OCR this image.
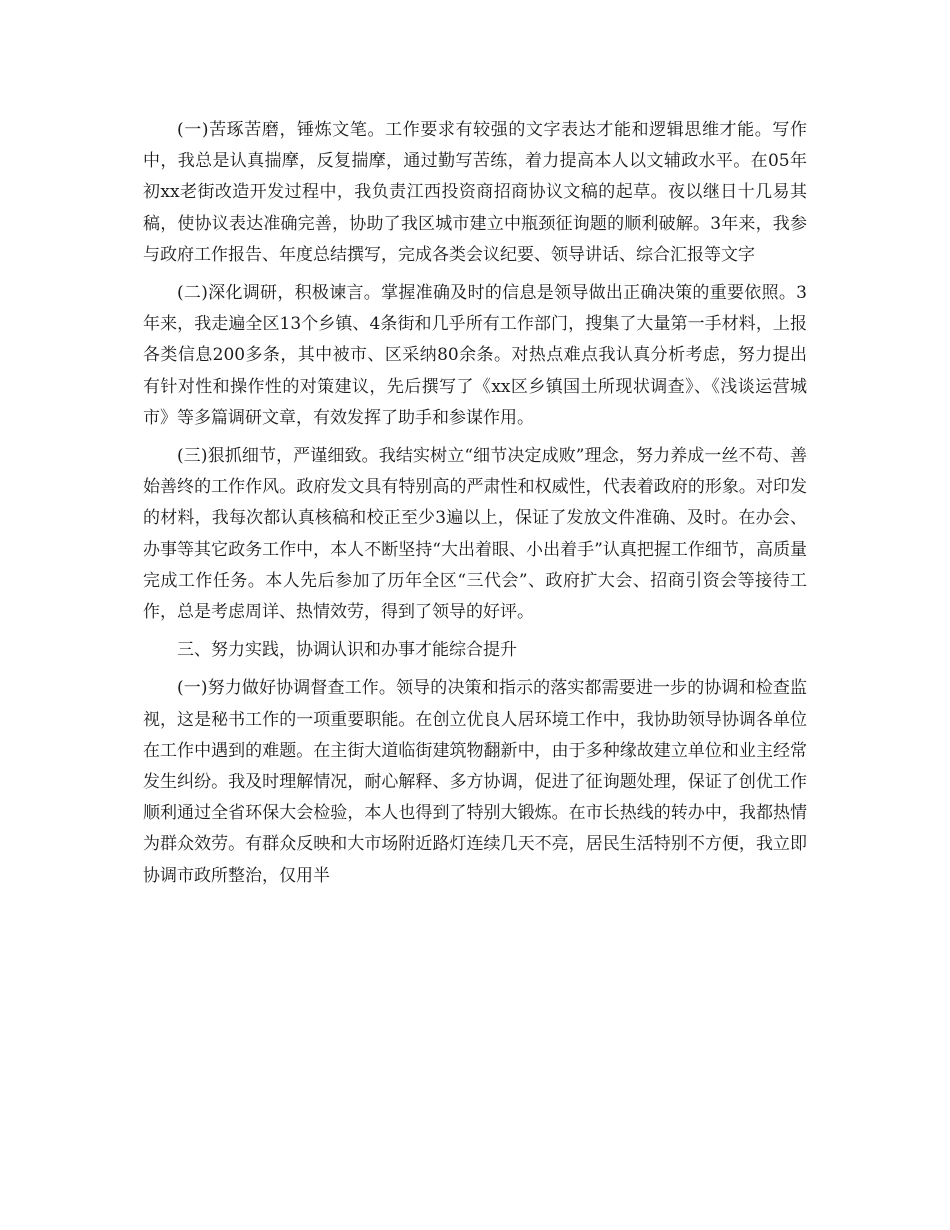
(一)苦琢苦磨，锤炼文笔。工作要求有较强的文字表达才能和逻辑思维才能。写作中，我总是认真揣摩，反复揣摩，通过勤写苦练，着力提高本人以文辅政水平。在05年初xx老街改造开发过程中，我负责江西投资商招商协议文稿的起草。夜以继日十几易其稿，使协议表达准确完善，协助了我区城市建立中瓶颈征询题的顺利破解。3年来，我参与政府工作报告、年度总结撰写，完成各类会议纪要、领导讲话、综合汇报等文字

(二)深化调研，积极谏言。掌握准确及时的信息是领导做出正确决策的重要依照。3年来，我走遍全区13个乡镇、4条街和几乎所有工作部门，搜集了大量第一手材料，上报各类信息200多条，其中被市、区采纳80余条。对热点难点我认真分析考虑，努力提出有针对性和操作性的对策建议，先后撰写了《xx区乡镇国土所现状调查》、《浅谈运营城市》等多篇调研文章，有效发挥了助手和参谋作用。

(三)狠抓细节，严谨细致。我结实树立“细节决定成败”理念，努力养成一丝不苟、善始善终的工作作风。政府发文具有特别高的严肃性和权威性，代表着政府的形象。对印发的材料，我每次都认真核稿和校正至少3遍以上，保证了发放文件准确、及时。在办会、办事等其它政务工作中，本人不断坚持“大出着眼、小出着手”认真把握工作细节，高质量完成工作任务。本人先后参加了历年全区“三代会”、政府扩大会、招商引资会等接待工作，总是考虑周详、热情效劳，得到了领导的好评。

三、努力实践，协调认识和办事才能综合提升

(一)努力做好协调督查工作。领导的决策和指示的落实都需要进一步的协调和检查监视，这是秘书工作的一项重要职能。在创立优良人居环境工作中，我协助领导协调各单位在工作中遇到的难题。在主街大道临街建筑物翻新中，由于多种缘故建立单位和业主经常发生纠纷。我及时理解情况，耐心解释、多方协调，促进了征询题处理，保证了创优工作顺利通过全省环保大会检验，本人也得到了特别大锻炼。在市长热线的转办中，我都热情为群众效劳。有群众反映和大市场附近路灯连续几天不亮，居民生活特别不方便，我立即协调市政所整治，仅用半
